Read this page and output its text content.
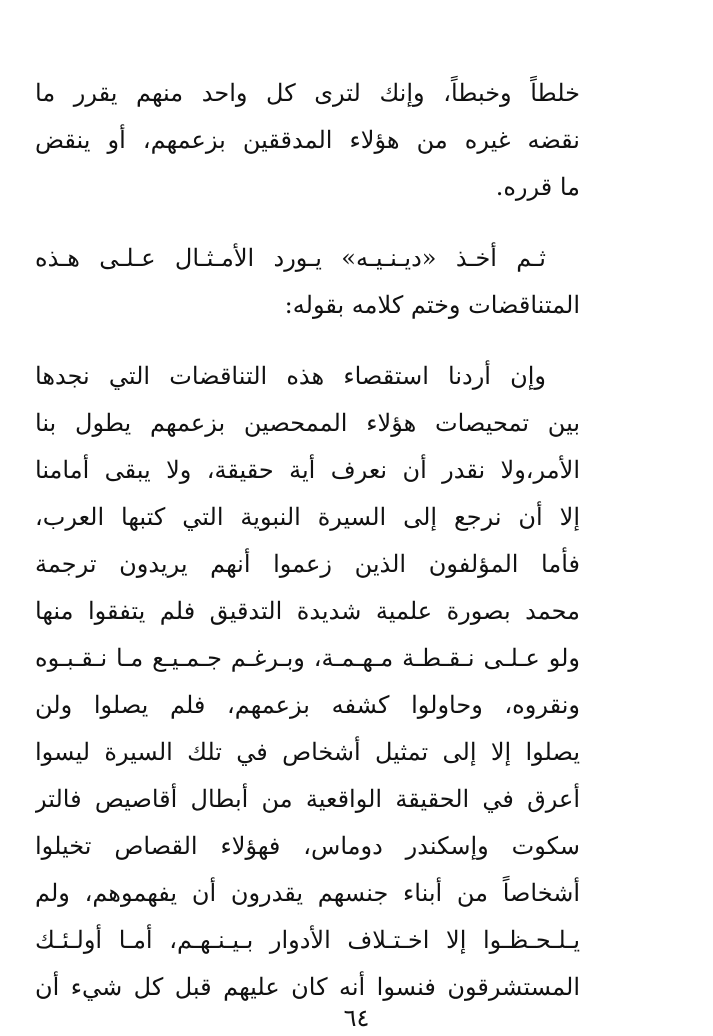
خلطاً وخبطاً، وإنك لترى كل واحد منهم يقرر ما
نقضه غيره من هؤلاء المدققين بزعمهم، أو ينقض
ما قرره.
ثـم أخـذ «ديـنـيـه» يـورد الأمـثـال عـلـى هـذه
المتناقضات وختم كلامه بقوله:
وإن أردنا استقصاء هذه التناقضات التي نجدها
بين تمحيصات هؤلاء الممحصين بزعمهم يطول بنا
الأمر،ولا نقدر أن نعرف أية حقيقة، ولا يبقى أمامنا
إلا أن نرجع إلى السيرة النبوية التي كتبها العرب،
فأما المؤلفون الذين زعموا أنهم يريدون ترجمة
محمد بصورة علمية شديدة التدقيق فلم يتفقوا منها
ولو عـلـى نـقـطـة مـهـمـة، وبـرغـم جـمـيـع مـا نـقـبـوه
ونقروه، وحاولوا كشفه بزعمهم، فلم يصلوا ولن
يصلوا إلا إلى تمثيل أشخاص في تلك السيرة ليسوا
أعرق في الحقيقة الواقعية من أبطال أقاصيص فالتر
سكوت وإسكندر دوماس، فهؤلاء القصاص تخيلوا
أشخاصاً من أبناء جنسهم يقدرون أن يفهموهم، ولم
يـلـحـظـوا إلا اخـتـلاف الأدوار بـيـنـهـم، أمـا أولـئـك
المستشرقون فنسوا أنه كان عليهم قبل كل شيء أن
٦٤
